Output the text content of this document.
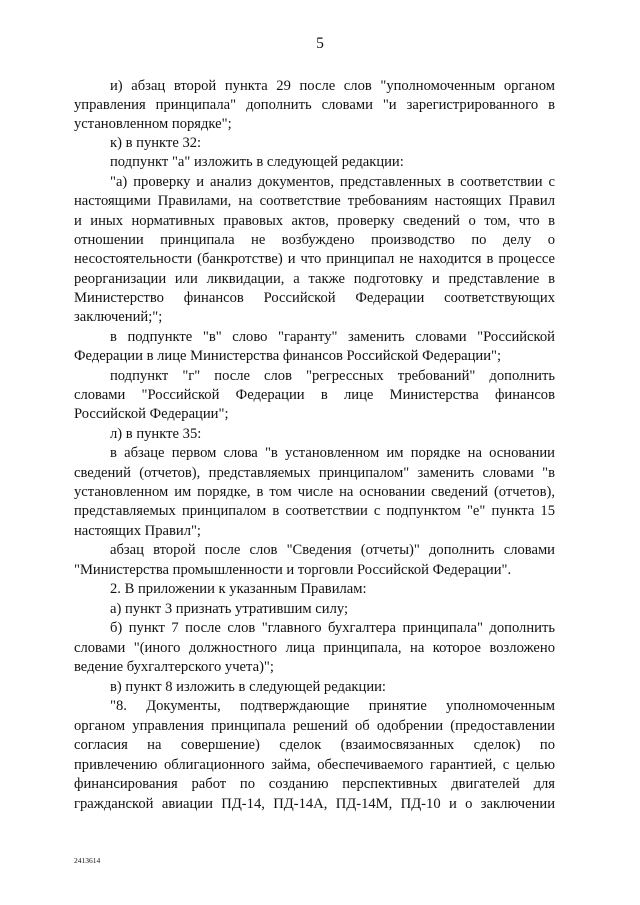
5
и) абзац второй пункта 29 после слов "уполномоченным органом
управления принципала" дополнить словами "и зарегистрированного в
установленном порядке";
к) в пункте 32:
подпункт "а" изложить в следующей редакции:
"а) проверку и анализ документов, представленных в соответствии с
настоящими Правилами, на соответствие требованиям настоящих Правил
и иных нормативных правовых актов, проверку сведений о том, что в
отношении принципала не возбуждено производство по делу о
несостоятельности (банкротстве) и что принципал не находится в процессе
реорганизации или ликвидации, а также подготовку и представление в
Министерство финансов Российской Федерации соответствующих
заключений;";
в подпункте "в" слово "гаранту" заменить словами "Российской
Федерации в лице Министерства финансов Российской Федерации";
подпункт "г" после слов "регрессных требований" дополнить
словами "Российской Федерации в лице Министерства финансов
Российской Федерации";
л) в пункте 35:
в абзаце первом слова "в установленном им порядке на основании
сведений (отчетов), представляемых принципалом" заменить словами "в
установленном им порядке, в том числе на основании сведений (отчетов),
представляемых принципалом в соответствии с подпунктом "е" пункта 15
настоящих Правил";
абзац второй после слов "Сведения (отчеты)" дополнить словами
"Министерства промышленности и торговли Российской Федерации".
2. В приложении к указанным Правилам:
а) пункт 3 признать утратившим силу;
б) пункт 7 после слов "главного бухгалтера принципала" дополнить
словами "(иного должностного лица принципала, на которое возложено
ведение бухгалтерского учета)";
в) пункт 8 изложить в следующей редакции:
"8. Документы, подтверждающие принятие уполномоченным
органом управления принципала решений об одобрении (предоставлении
согласия на совершение) сделок (взаимосвязанных сделок) по
привлечению облигационного займа, обеспечиваемого гарантией, с целью
финансирования работ по созданию перспективных двигателей для
гражданской авиации ПД-14, ПД-14А, ПД-14М, ПД-10 и о заключении
2413614
